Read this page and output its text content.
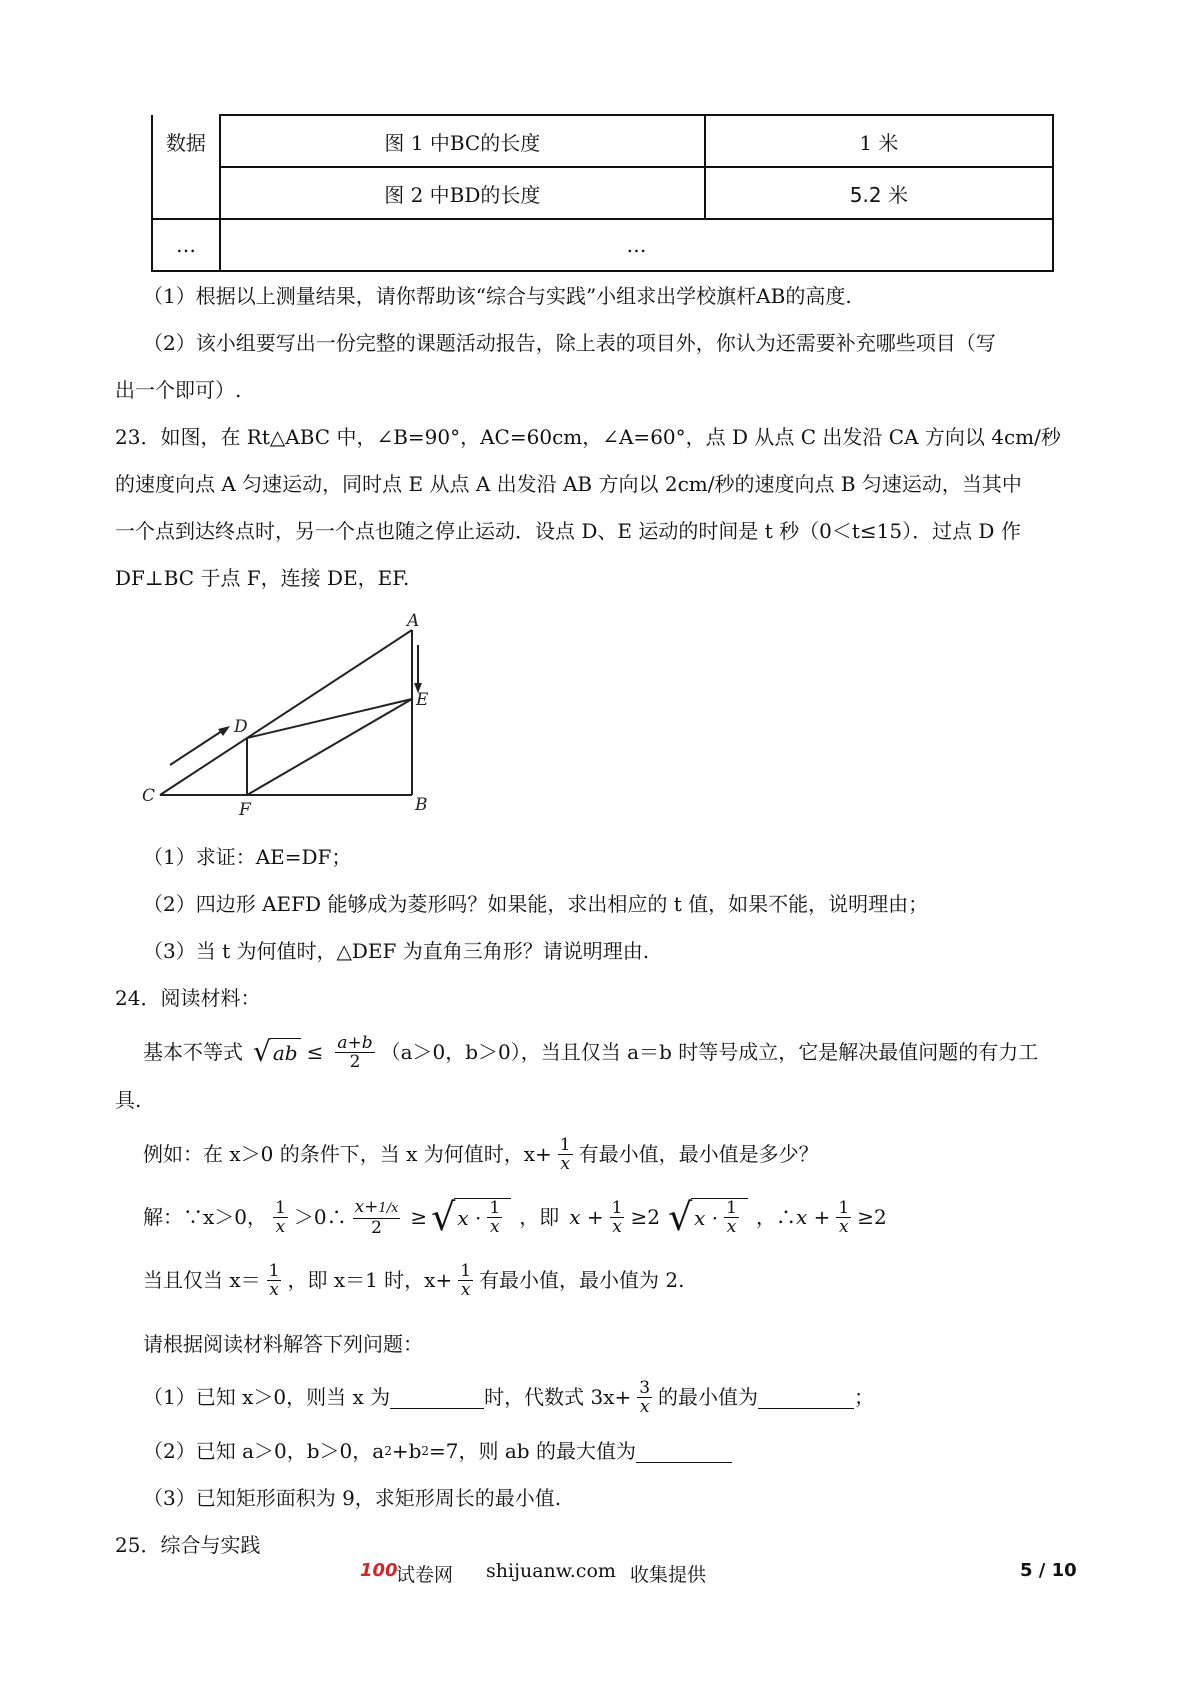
数据	图 1 中BC的长度	1 米
	图 2 中BD的长度	5.2 米
…	…	
（1）根据以上测量结果，请你帮助该“综合与实践”小组求出学校旗杆AB的高度.
（2）该小组要写出一份完整的课题活动报告，除上表的项目外，你认为还需要补充哪些项目（写
出一个即可）.
23．如图，在 Rt△ABC 中，∠B=90°，AC=60cm，∠A=60°，点 D 从点 C 出发沿 CA 方向以 4cm/秒
的速度向点 A 匀速运动，同时点 E 从点 A 出发沿 AB 方向以 2cm/秒的速度向点 B 匀速运动，当其中
一个点到达终点时，另一个点也随之停止运动．设点 D、E 运动的时间是 t 秒（0＜t≤15）．过点 D 作
DF⊥BC 于点 F，连接 DE，EF.
A
B
C
D
E
F
（1）求证：AE=DF；
（2）四边形 AEFD 能够成为菱形吗？如果能，求出相应的 t 值，如果不能，说明理由；
（3）当 t 为何值时，△DEF 为直角三角形？请说明理由.
24．阅读材料：
基本不等式 √ ab ≤ $\frac{a+b}{2} (a>0$，b＞0），当且仅当 a＝b 时等号成立，它是解决最值问题的有力工
具.
例如：在 x＞0 的条件下，当 x 为何值时，$x+ \frac{1}{x}$ 有最小值，最小值是多少？
解：∵x＞0， $\frac{1}{x}$ ＞0∴ $\frac{x+1/x}{2}$ ≥ √ $x \cdot \frac{1}{x}$ ，即 $x + \frac{1}{x} \ge 2$ √ $x \cdot \frac{1}{x}$ ，∴ $x + \frac{1}{x} \ge 2$
当且仅当 $x= \frac{1}{x}$ ，即 x＝1 时，$x+ \frac{1}{x}$ 有最小值，最小值为 2.
请根据阅读材料解答下列问题：
（1）已知 x＞0，则当 x 为	时，代数式 $3x+ \frac{3}{x}$ 的最小值为	；
（2）已知 a＞0，b＞0，a 2 +b 2 =7，则 ab 的最大值为
（3）已知矩形面积为 9，求矩形周长的最小值.
25．综合与实践
100
试卷网 shijuanw.com 收集提供	5 / 10
